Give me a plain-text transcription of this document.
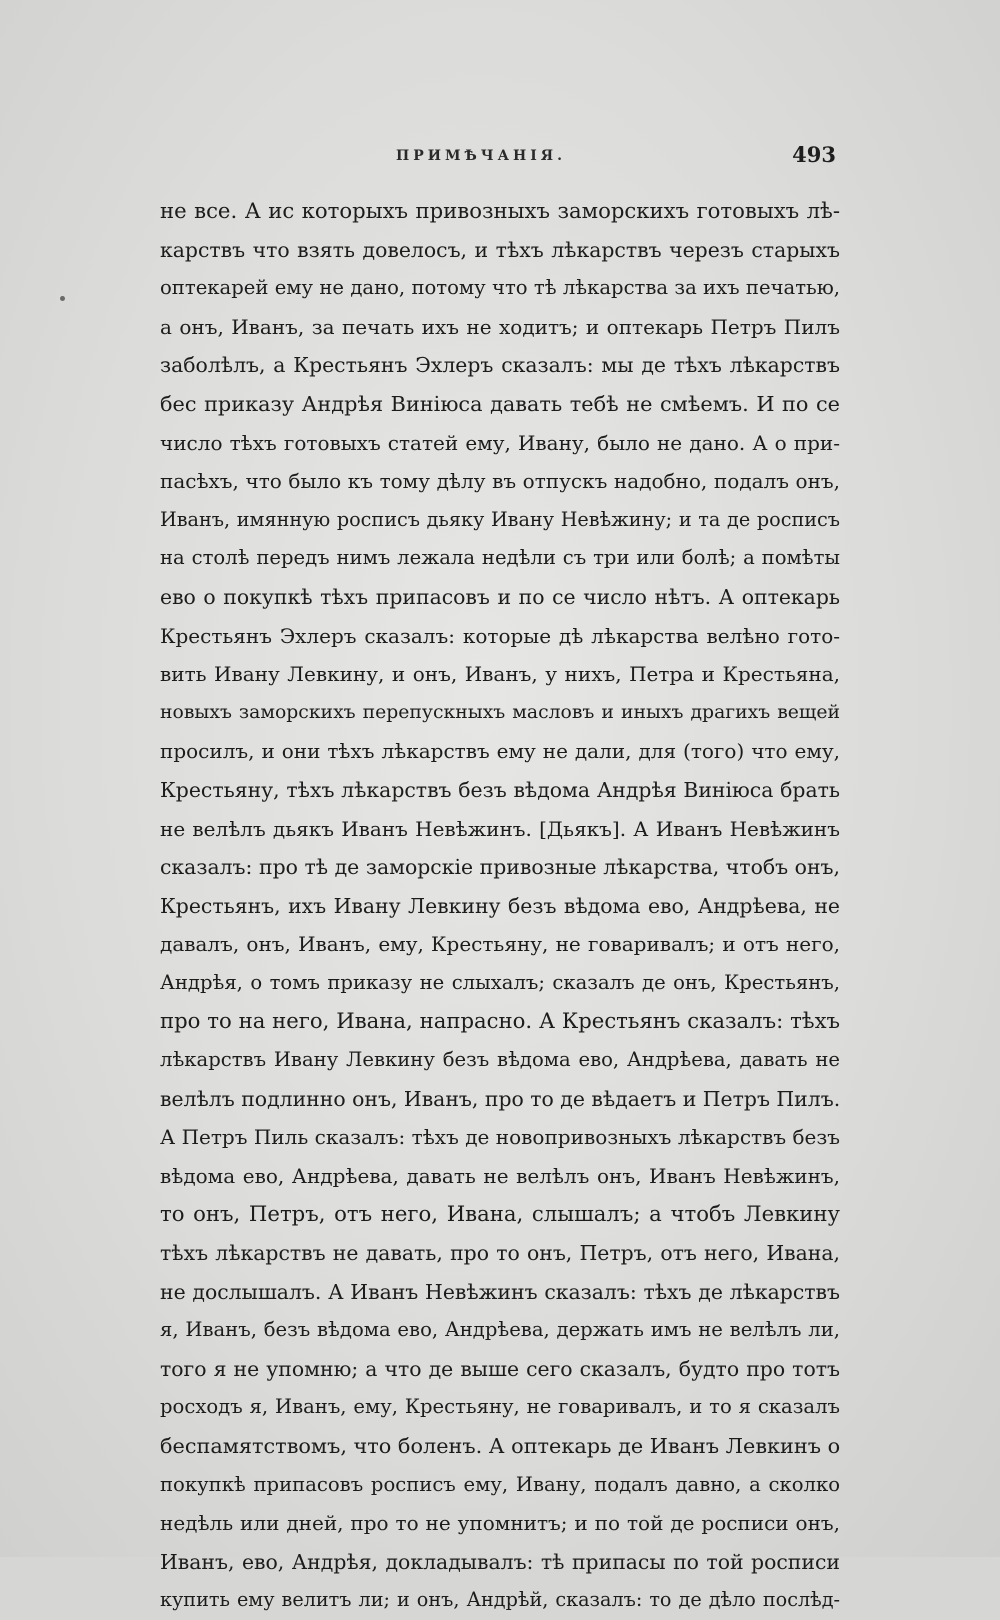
ПРИМѢЧАНІЯ.	493
не все. А ис которыхъ привозныхъ заморскихъ готовыхъ лѣ-
карствъ что взять довелосъ, и тѣхъ лѣкарствъ черезъ старыхъ
оптекарей ему не дано, потому что тѣ лѣкарства за ихъ печатью,
а онъ, Иванъ, за печать ихъ не ходитъ; и оптекарь Петръ Пилъ
заболѣлъ, а Крестьянъ Эхлеръ сказалъ: мы де тѣхъ лѣкарствъ
бес приказу Андрѣя Виніюса давать тебѣ не смѣемъ. И по се
число тѣхъ готовыхъ статей ему, Ивану, было не дано. А о при-
пасѣхъ, что было къ тому дѣлу въ отпускъ надобно, подалъ онъ,
Иванъ, имянную росписъ дьяку Ивану Невѣжину; и та де росписъ
на столѣ передъ нимъ лежала недѣли съ три или болѣ; а помѣты
ево о покупкѣ тѣхъ припасовъ и по се число нѣтъ. А оптекарь
Крестьянъ Эхлеръ сказалъ: которые дѣ лѣкарства велѣно гото-
вить Ивану Левкину, и онъ, Иванъ, у нихъ, Петра и Крестьяна,
новыхъ заморскихъ перепускныхъ масловъ и иныхъ драгихъ вещей
просилъ, и они тѣхъ лѣкарствъ ему не дали, для (того) что ему,
Крестьяну, тѣхъ лѣкарствъ безъ вѣдома Андрѣя Виніюса брать
не велѣлъ дьякъ Иванъ Невѣжинъ. [Дьякъ]. А Иванъ Невѣжинъ
сказалъ: про тѣ де заморскіе привозные лѣкарства, чтобъ онъ,
Крестьянъ, ихъ Ивану Левкину безъ вѣдома ево, Андрѣева, не
давалъ, онъ, Иванъ, ему, Крестьяну, не говаривалъ; и отъ него,
Андрѣя, о томъ приказу не слыхалъ; сказалъ де онъ, Крестьянъ,
про то на него, Ивана, напрасно. А Крестьянъ сказалъ: тѣхъ
лѣкарствъ Ивану Левкину безъ вѣдома ево, Андрѣева, давать не
велѣлъ подлинно онъ, Иванъ, про то де вѣдаетъ и Петръ Пилъ.
А Петръ Пиль сказалъ: тѣхъ де новопривозныхъ лѣкарствъ безъ
вѣдома ево, Андрѣева, давать не велѣлъ онъ, Иванъ Невѣжинъ,
то онъ, Петръ, отъ него, Ивана, слышалъ; а чтобъ Левкину
тѣхъ лѣкарствъ не давать, про то онъ, Петръ, отъ него, Ивана,
не дослышалъ. А Иванъ Невѣжинъ сказалъ: тѣхъ де лѣкарствъ
я, Иванъ, безъ вѣдома ево, Андрѣева, держать имъ не велѣлъ ли,
того я не упомню; а что де выше сего сказалъ, будто про тотъ
росходъ я, Иванъ, ему, Крестьяну, не говаривалъ, и то я сказалъ
беспамятствомъ, что боленъ. А оптекарь де Иванъ Левкинъ о
покупкѣ припасовъ росписъ ему, Ивану, подалъ давно, а сколко
недѣль или дней, про то не упомнитъ; и по той де росписи онъ,
Иванъ, ево, Андрѣя, докладывалъ: тѣ припасы по той росписи
купить ему велитъ ли; и онъ, Андрѣй, сказалъ: то де дѣло послѣд-
